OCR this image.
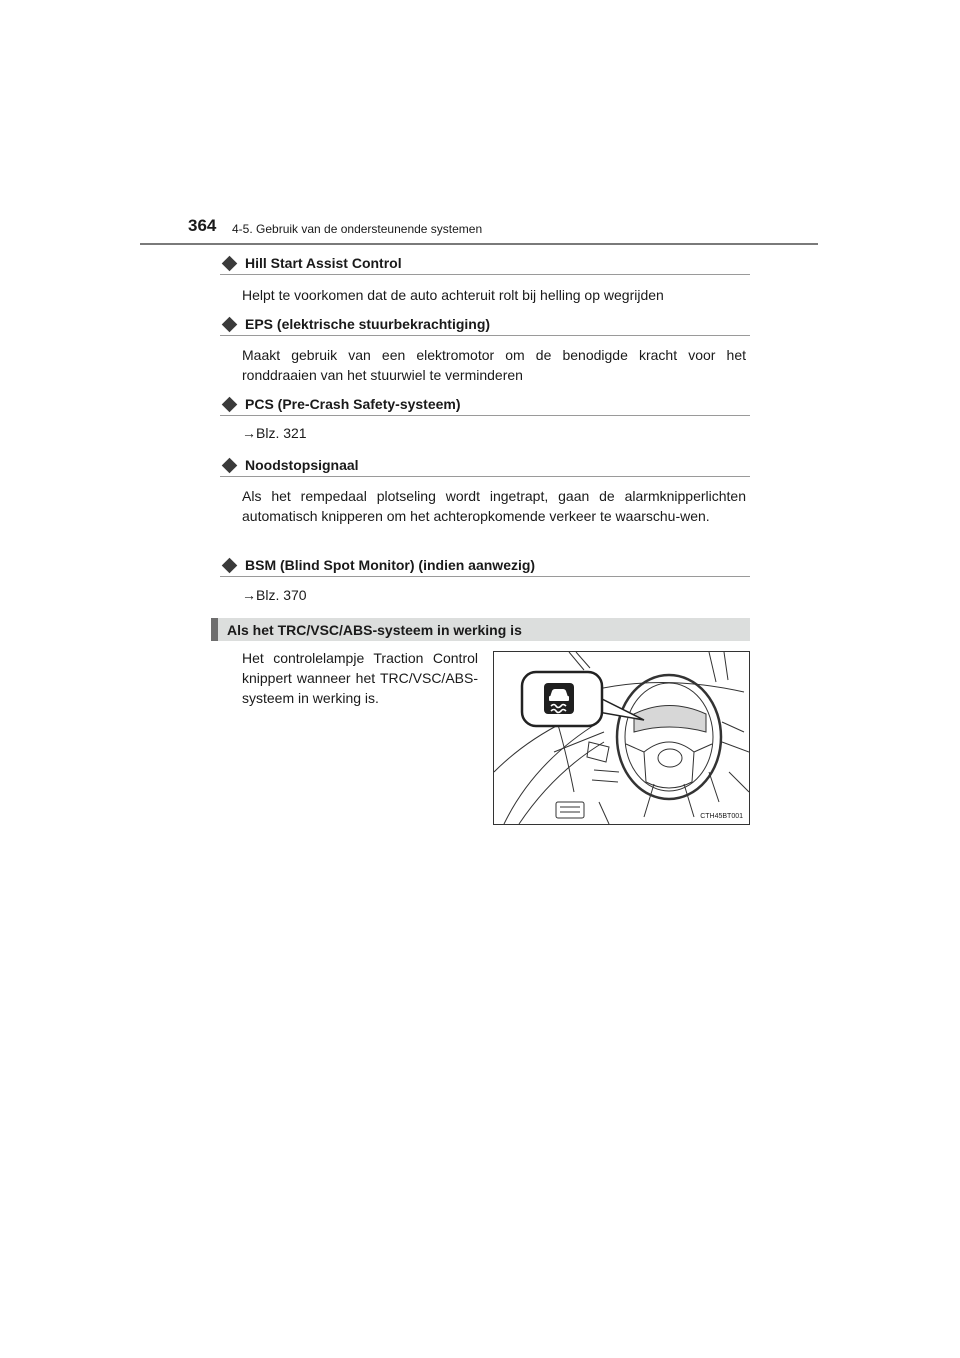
364 4-5. Gebruik van de ondersteunende systemen
Hill Start Assist Control
Helpt te voorkomen dat de auto achteruit rolt bij helling op wegrijden
EPS (elektrische stuurbekrachtiging)
Maakt gebruik van een elektromotor om de benodigde kracht voor het ronddraaien van het stuurwiel te verminderen
PCS (Pre-Crash Safety-systeem)
→Blz. 321
Noodstopsignaal
Als het rempedaal plotseling wordt ingetrapt, gaan de alarmknipperlichten automatisch knipperen om het achteropkomende verkeer te waarschu-wen.
BSM (Blind Spot Monitor) (indien aanwezig)
→Blz. 370
Als het TRC/VSC/ABS-systeem in werking is
Het controlelampje Traction Control knippert wanneer het TRC/VSC/ABS-systeem in werking is.
CTH45BT001
